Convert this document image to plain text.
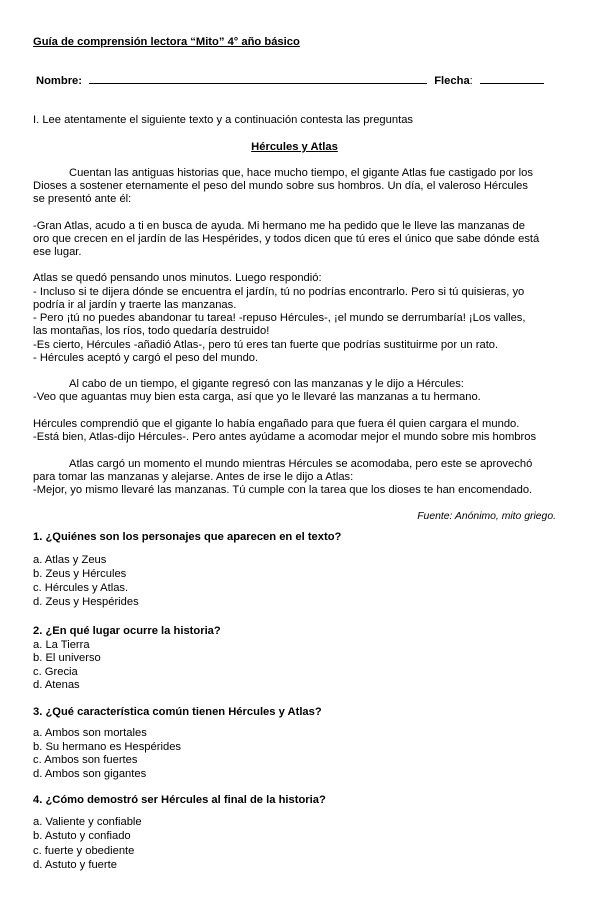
Guía de comprensión lectora “Mito” 4° año básico
Nombre:	Flecha:
I. Lee atentamente el siguiente texto y a continuación contesta las preguntas
Hércules y Atlas
Cuentan las antiguas historias que, hace mucho tiempo, el gigante Atlas fue castigado por los
Dioses a sostener eternamente el peso del mundo sobre sus hombros. Un día, el valeroso Hércules
se presentó ante él:
-Gran Atlas, acudo a ti en busca de ayuda. Mi hermano me ha pedido que le lleve las manzanas de
oro que crecen en el jardín de las Hespérides, y todos dicen que tú eres el único que sabe dónde está
ese lugar.
Atlas se quedó pensando unos minutos. Luego respondió:
- Incluso si te dijera dónde se encuentra el jardín, tú no podrías encontrarlo. Pero si tú quisieras, yo
podría ir al jardín y traerte las manzanas.
- Pero ¡tú no puedes abandonar tu tarea! -repuso Hércules-, ¡el mundo se derrumbaría! ¡Los valles,
las montañas, los ríos, todo quedaría destruido!
-Es cierto, Hércules -añadió Atlas-, pero tú eres tan fuerte que podrías sustituirme por un rato.
- Hércules aceptó y cargó el peso del mundo.
Al cabo de un tiempo, el gigante regresó con las manzanas y le dijo a Hércules:
-Veo que aguantas muy bien esta carga, así que yo le llevaré las manzanas a tu hermano.
Hércules comprendió que el gigante lo había engañado para que fuera él quien cargara el mundo.
-Está bien, Atlas-dijo Hércules-. Pero antes ayúdame a acomodar mejor el mundo sobre mis hombros
Atlas cargó un momento el mundo mientras Hércules se acomodaba, pero este se aprovechó
para tomar las manzanas y alejarse. Antes de irse le dijo a Atlas:
-Mejor, yo mismo llevaré las manzanas. Tú cumple con la tarea que los dioses te han encomendado.
Fuente: Anónimo, mito griego.
1. ¿Quiénes son los personajes que aparecen en el texto?
a. Atlas y Zeus
b. Zeus y Hércules
c. Hércules y Atlas.
d. Zeus y Hespérides
2. ¿En qué lugar ocurre la historia?
a. La Tierra
b. El universo
c. Grecia
d. Atenas
3. ¿Qué característica común tienen Hércules y Atlas?
a. Ambos son mortales
b. Su hermano es Hespérides
c. Ambos son fuertes
d. Ambos son gigantes
4. ¿Cómo demostró ser Hércules al final de la historia?
a. Valiente y confiable
b. Astuto y confiado
c. fuerte y obediente
d. Astuto y fuerte
